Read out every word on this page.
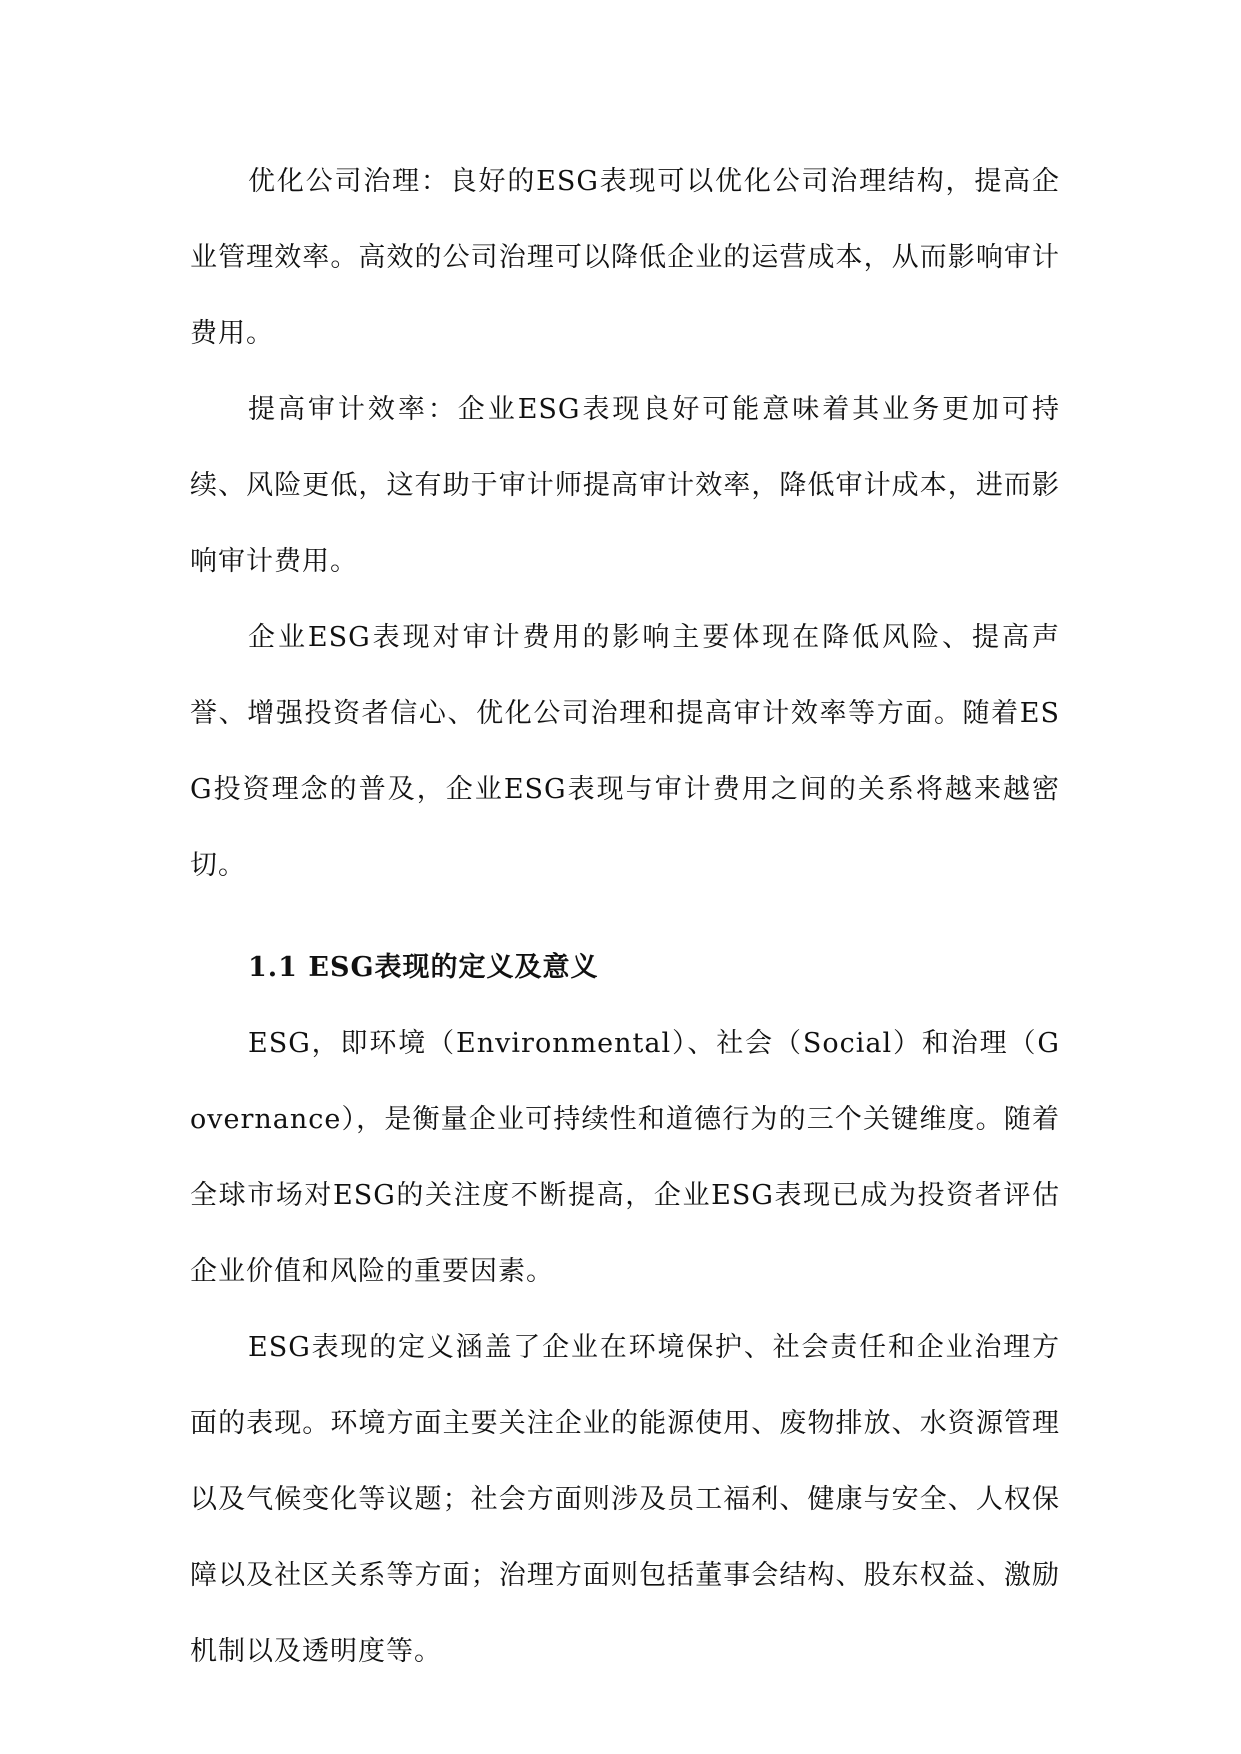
优化公司治理：良好的ESG表现可以优化公司治理结构，提高企业管理效率。高效的公司治理可以降低企业的运营成本，从而影响审计费用。

提高审计效率：企业ESG表现良好可能意味着其业务更加可持续、风险更低，这有助于审计师提高审计效率，降低审计成本，进而影响审计费用。

企业ESG表现对审计费用的影响主要体现在降低风险、提高声誉、增强投资者信心、优化公司治理和提高审计效率等方面。随着ESG投资理念的普及，企业ESG表现与审计费用之间的关系将越来越密切。

1.1 ESG表现的定义及意义

ESG，即环境（Environmental）、社会（Social）和治理（Governance），是衡量企业可持续性和道德行为的三个关键维度。随着全球市场对ESG的关注度不断提高，企业ESG表现已成为投资者评估企业价值和风险的重要因素。

ESG表现的定义涵盖了企业在环境保护、社会责任和企业治理方面的表现。环境方面主要关注企业的能源使用、废物排放、水资源管理以及气候变化等议题；社会方面则涉及员工福利、健康与安全、人权保障以及社区关系等方面；治理方面则包括董事会结构、股东权益、激励机制以及透明度等。
